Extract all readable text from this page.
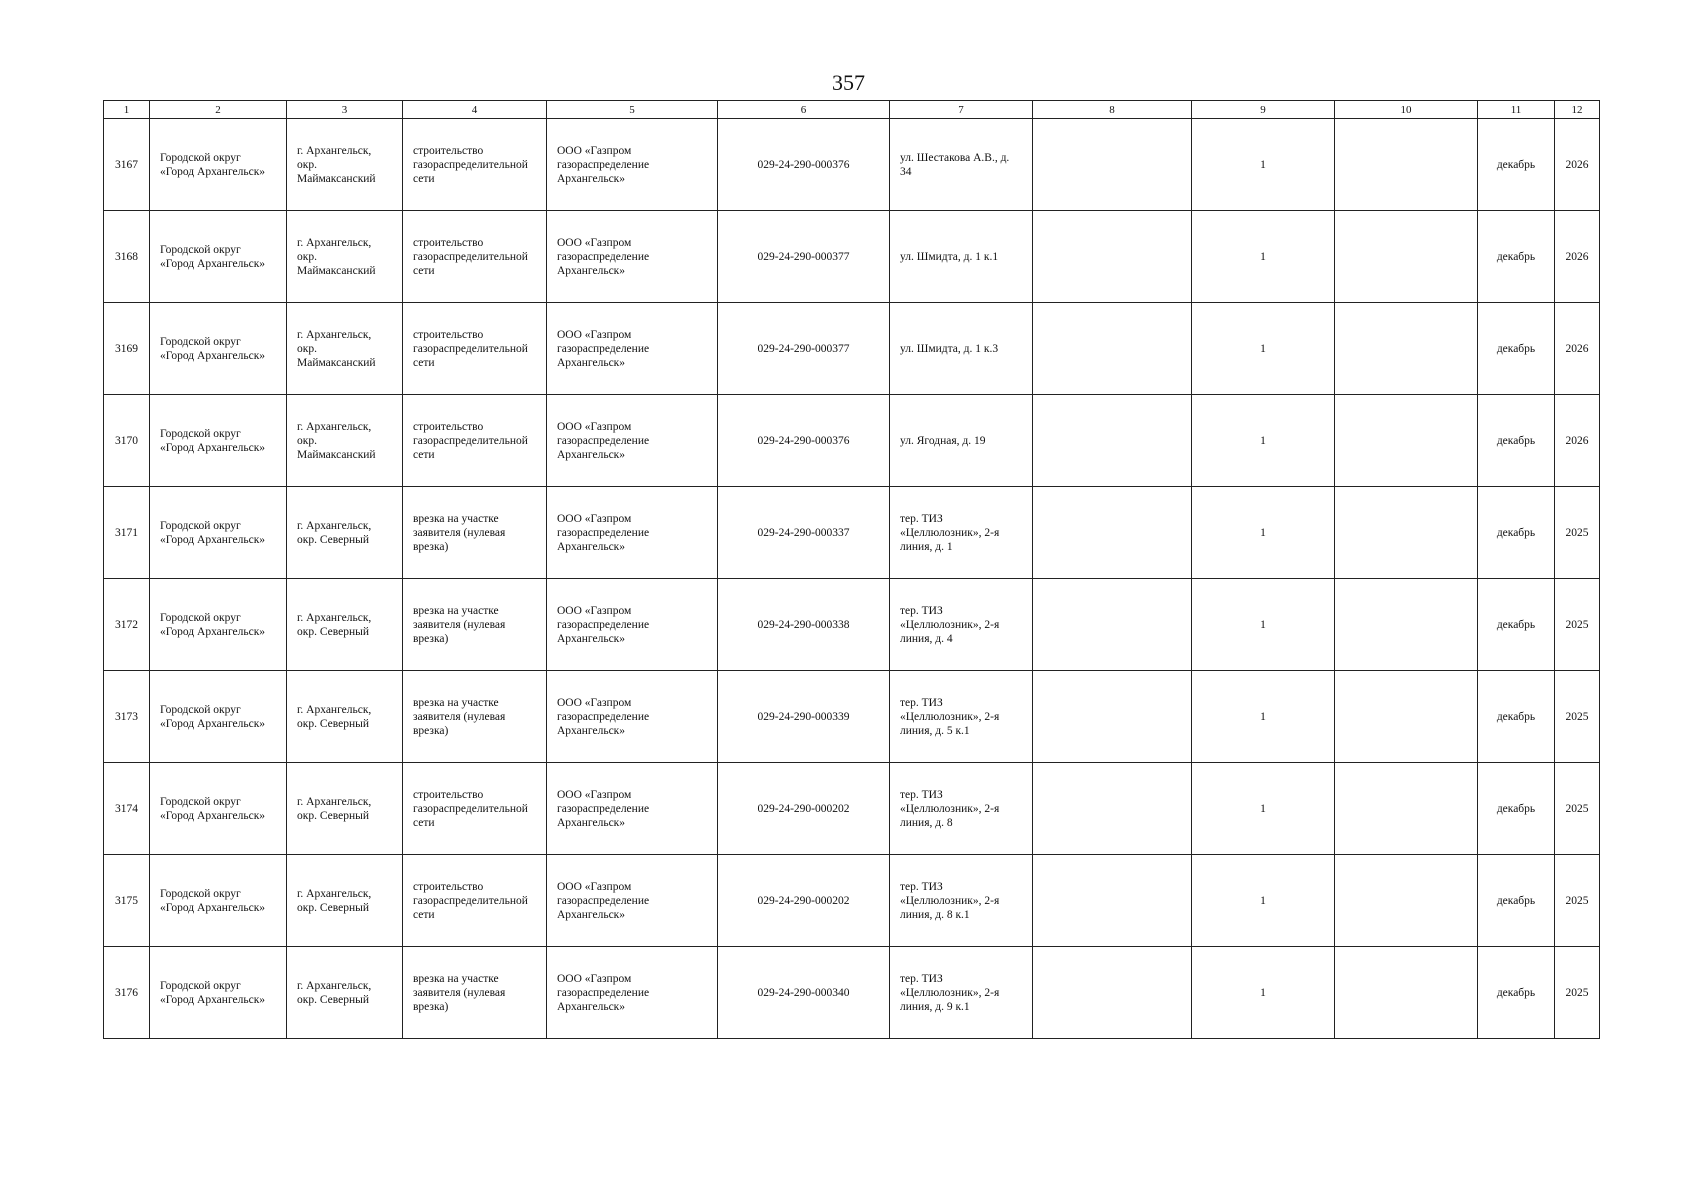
357
1	2	3	4	5	6	7	8	9	10	11	12
3167	Городской округ «Город Архангельск»	г. Архангельск, окр. Маймаксанский	строительство газораспределительной сети	ООО «Газпром газораспределение Архангельск»	029-24-290-000376	ул. Шестакова А.В., д. 34		1		декабрь	2026
3168	Городской округ «Город Архангельск»	г. Архангельск, окр. Маймаксанский	строительство газораспределительной сети	ООО «Газпром газораспределение Архангельск»	029-24-290-000377	ул. Шмидта, д. 1 к.1		1		декабрь	2026
3169	Городской округ «Город Архангельск»	г. Архангельск, окр. Маймаксанский	строительство газораспределительной сети	ООО «Газпром газораспределение Архангельск»	029-24-290-000377	ул. Шмидта, д. 1 к.3		1		декабрь	2026
3170	Городской округ «Город Архангельск»	г. Архангельск, окр. Маймаксанский	строительство газораспределительной сети	ООО «Газпром газораспределение Архангельск»	029-24-290-000376	ул. Ягодная, д. 19		1		декабрь	2026
3171	Городской округ «Город Архангельск»	г. Архангельск, окр. Северный	врезка на участке заявителя (нулевая врезка)	ООО «Газпром газораспределение Архангельск»	029-24-290-000337	тер. ТИЗ «Целлюлозник», 2-я линия, д. 1		1		декабрь	2025
3172	Городской округ «Город Архангельск»	г. Архангельск, окр. Северный	врезка на участке заявителя (нулевая врезка)	ООО «Газпром газораспределение Архангельск»	029-24-290-000338	тер. ТИЗ «Целлюлозник», 2-я линия, д. 4		1		декабрь	2025
3173	Городской округ «Город Архангельск»	г. Архангельск, окр. Северный	врезка на участке заявителя (нулевая врезка)	ООО «Газпром газораспределение Архангельск»	029-24-290-000339	тер. ТИЗ «Целлюлозник», 2-я линия, д. 5 к.1		1		декабрь	2025
3174	Городской округ «Город Архангельск»	г. Архангельск, окр. Северный	строительство газораспределительной сети	ООО «Газпром газораспределение Архангельск»	029-24-290-000202	тер. ТИЗ «Целлюлозник», 2-я линия, д. 8		1		декабрь	2025
3175	Городской округ «Город Архангельск»	г. Архангельск, окр. Северный	строительство газораспределительной сети	ООО «Газпром газораспределение Архангельск»	029-24-290-000202	тер. ТИЗ «Целлюлозник», 2-я линия, д. 8 к.1		1		декабрь	2025
3176	Городской округ «Город Архангельск»	г. Архангельск, окр. Северный	врезка на участке заявителя (нулевая врезка)	ООО «Газпром газораспределение Архангельск»	029-24-290-000340	тер. ТИЗ «Целлюлозник», 2-я линия, д. 9 к.1		1		декабрь	2025
